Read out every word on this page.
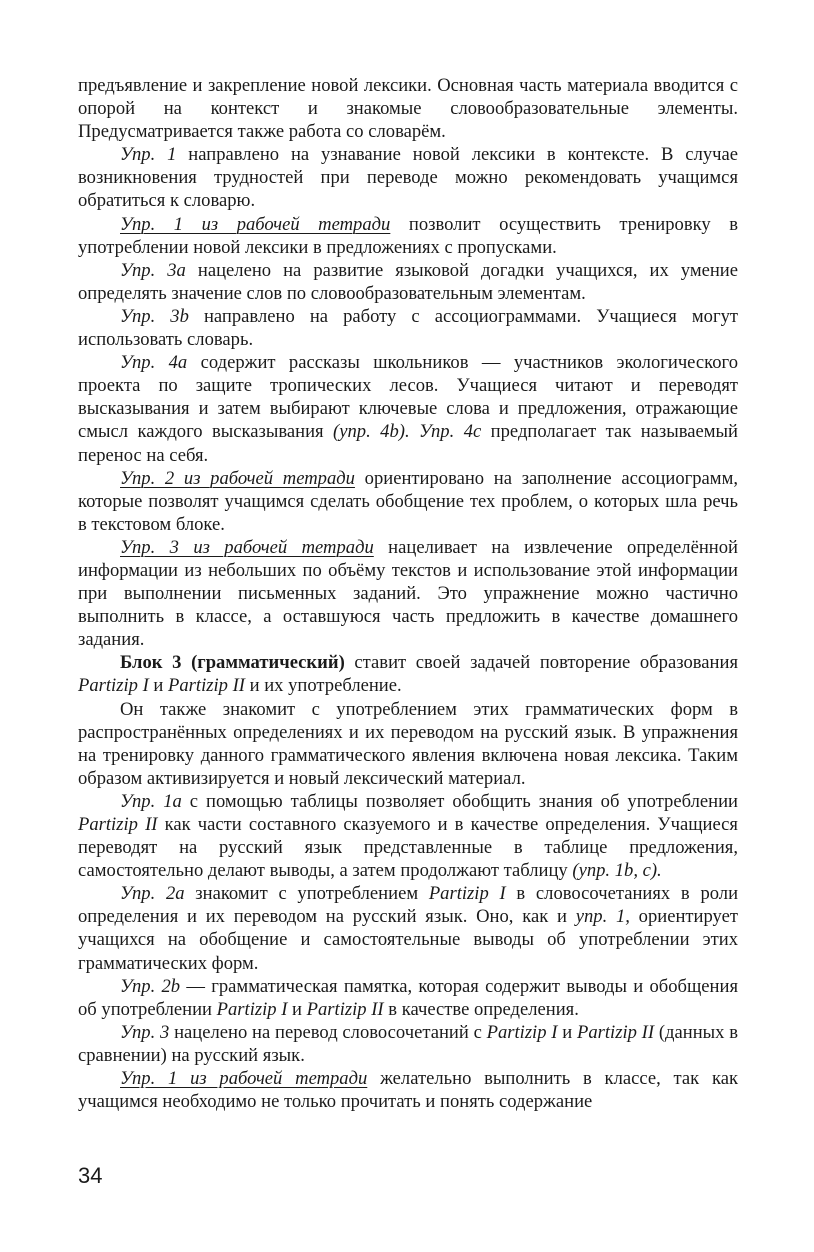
предъявление и закрепление новой лексики. Основная часть материала вводится с опорой на контекст и знакомые словообразовательные элементы. Предусматривается также работа со словарём.

Упр. 1 направлено на узнавание новой лексики в контексте. В случае возникновения трудностей при переводе можно рекомендовать учащимся обратиться к словарю.

Упр. 1 из рабочей тетради позволит осуществить тренировку в употреблении новой лексики в предложениях с пропусками.

Упр. 3a нацелено на развитие языковой догадки учащихся, их умение определять значение слов по словообразовательным элементам.

Упр. 3b направлено на работу с ассоциограммами. Учащиеся могут использовать словарь.

Упр. 4a содержит рассказы школьников — участников экологического проекта по защите тропических лесов. Учащиеся читают и переводят высказывания и затем выбирают ключевые слова и предложения, отражающие смысл каждого высказывания (упр. 4b). Упр. 4c предполагает так называемый перенос на себя.

Упр. 2 из рабочей тетради ориентировано на заполнение ассоциограмм, которые позволят учащимся сделать обобщение тех проблем, о которых шла речь в текстовом блоке.

Упр. 3 из рабочей тетради нацеливает на извлечение определённой информации из небольших по объёму текстов и использование этой информации при выполнении письменных заданий. Это упражнение можно частично выполнить в классе, а оставшуюся часть предложить в качестве домашнего задания.

Блок 3 (грамматический) ставит своей задачей повторение образования Partizip I и Partizip II и их употребление.

Он также знакомит с употреблением этих грамматических форм в распространённых определениях и их переводом на русский язык. В упражнения на тренировку данного грамматического явления включена новая лексика. Таким образом активизируется и новый лексический материал.

Упр. 1a с помощью таблицы позволяет обобщить знания об употреблении Partizip II как части составного сказуемого и в качестве определения. Учащиеся переводят на русский язык представленные в таблице предложения, самостоятельно делают выводы, а затем продолжают таблицу (упр. 1b, с).

Упр. 2a знакомит с употреблением Partizip I в словосочетаниях в роли определения и их переводом на русский язык. Оно, как и упр. 1, ориентирует учащихся на обобщение и самостоятельные выводы об употреблении этих грамматических форм.

Упр. 2b — грамматическая памятка, которая содержит выводы и обобщения об употреблении Partizip I и Partizip II в качестве определения.

Упр. 3 нацелено на перевод словосочетаний с Partizip I и Partizip II (данных в сравнении) на русский язык.

Упр. 1 из рабочей тетради желательно выполнить в классе, так как учащимся необходимо не только прочитать и понять содержание

34
